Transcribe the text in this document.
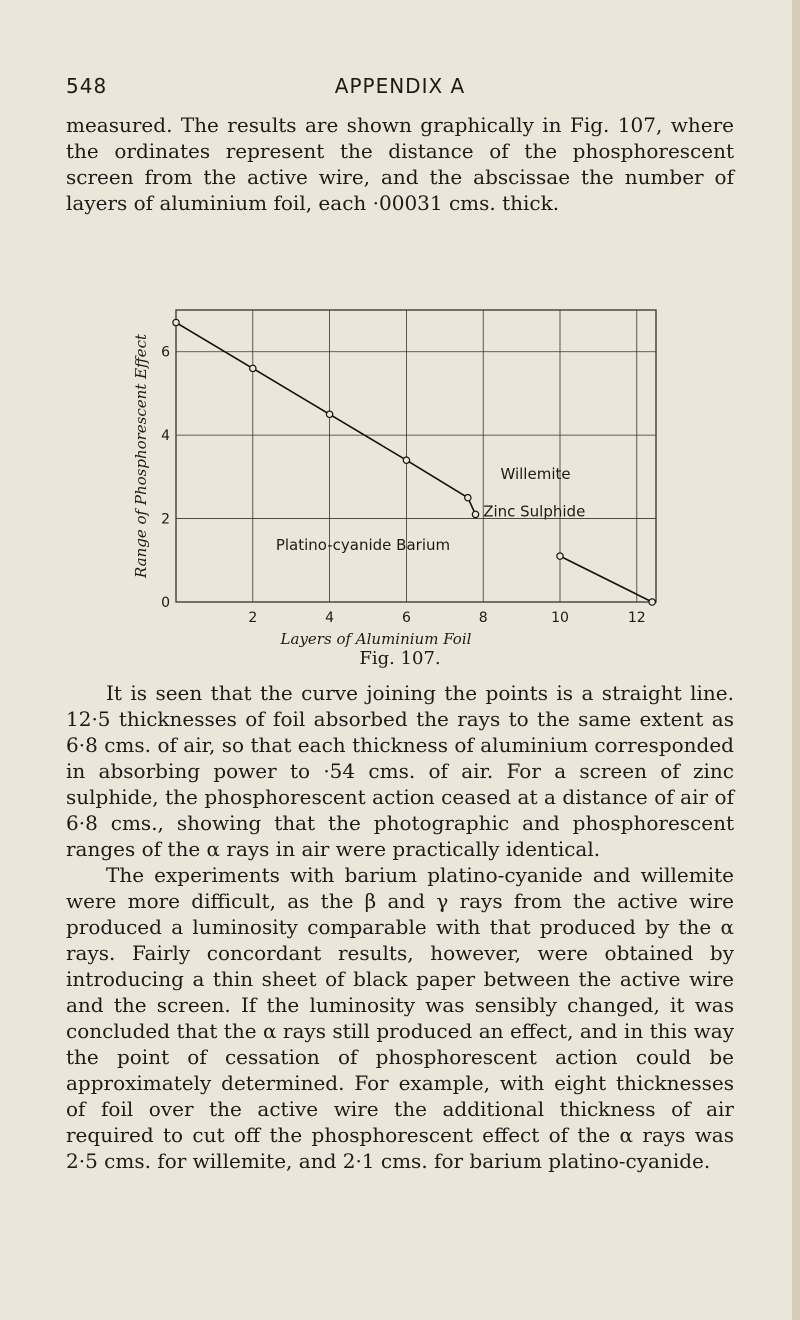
548	APPENDIX A

measured. The results are shown graphically in Fig. 107, where the ordinates represent the distance of the phosphorescent screen from the active wire, and the abscissae the number of layers of aluminium foil, each ·00031 cms. thick.

2	4	6	8	10	12
0
2
4
6
Layers of Aluminium Foil
Range of Phosphorescent Effect	Willemite
Zinc Sulphide
Platino-cyanide Barium
Fig. 107.

It is seen that the curve joining the points is a straight line. 12·5 thicknesses of foil absorbed the rays to the same extent as 6·8 cms. of air, so that each thickness of aluminium corresponded in absorbing power to ·54 cms. of air. For a screen of zinc sulphide, the phosphorescent action ceased at a distance of air of 6·8 cms., showing that the photographic and phosphorescent ranges of the α rays in air were practically identical.

The experiments with barium platino-cyanide and willemite were more difficult, as the β and γ rays from the active wire produced a luminosity comparable with that produced by the α rays. Fairly concordant results, however, were obtained by introducing a thin sheet of black paper between the active wire and the screen. If the luminosity was sensibly changed, it was concluded that the α rays still produced an effect, and in this way the point of cessation of phosphorescent action could be approximately determined. For example, with eight thicknesses of foil over the active wire the additional thickness of air required to cut off the phosphorescent effect of the α rays was 2·5 cms. for willemite, and 2·1 cms. for barium platino-cyanide.
